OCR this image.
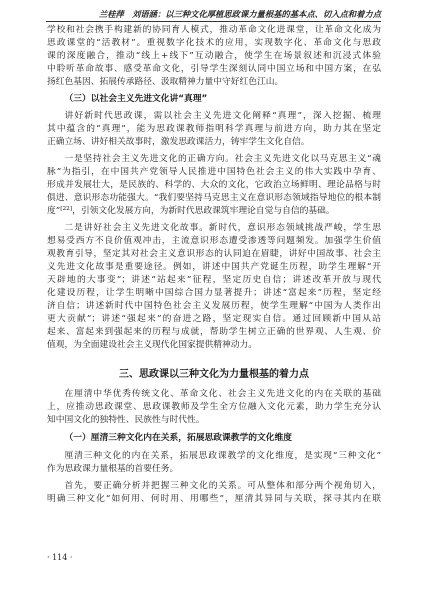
兰桂萍　刘语涵：以三种文化厚植思政课力量根基的基本点、切入点和着力点
学校和社会携手构建新的协同育人模式，推动革命文化进课堂，让革命文化成为
思政课堂的“活教材”。重视数字化技术的应用，实现数字化、革命文化与思政
课的深度融合，推动“线上+线下”互动融合，使学生在场景叙述和沉浸式体验
中聆听革命故事、感受革命文化，引导学生深刻认同中国立场和中国方案，在弘
扬红色基因、拓展传承路径、汲取精神力量中守好红色江山。
（三）以社会主义先进文化讲“真理”
讲好新时代思政课，需以社会主义先进文化阐释“真理”，深入挖掘、梳理
其中蕴含的“真理”，能为思政课教师指明科学真理与前进方向，助力其在坚定
正确立场、讲好相关故事时，激发思政课活力，铸牢学生文化自信。
一是坚持社会主义先进文化的正确方向。社会主义先进文化以马克思主义“魂
脉”为指引，在中国共产党领导人民推进中国特色社会主义的伟大实践中孕育、
形成并发展壮大，是民族的、科学的、大众的文化，它政治立场鲜明、理论品格与时
俱进、意识形态功能强大。“我们要坚持马克思主义在意识形态领域指导地位的根本制
度”[22]，引领文化发展方向，为新时代思政课筑牢理论自觉与自信的基础。
二是讲好社会主义先进文化故事。新时代，意识形态领域挑战严峻，学生思
想易受西方不良价值观冲击，主流意识形态遭受渗透等问题频发。加强学生价值
观教育引导，坚定其对社会主义意识形态的认同迫在眉睫，讲好中国故事、社会主
义先进文化故事是重要途径。例如，讲述中国共产党诞生历程，助学生理解“开
天辟地的大事变”；讲述“站起来”征程，坚定历史自信；讲述改革开放与现代
化建设历程，让学生明晰中国综合国力显著提升；讲述“富起来”历程，坚定经
济自信；讲述新时代中国特色社会主义发展历程，使学生理解“中国为人类作出
更大贡献”；讲述“强起来”的奋进之路，坚定现实自信。通过回顾新中国从站
起来、富起来到强起来的历程与成就，帮助学生树立正确的世界观、人生观、价
值观，为全面建设社会主义现代化国家提供精神动力。
三、思政课以三种文化为力量根基的着力点
在厘清中华优秀传统文化、革命文化、社会主义先进文化的内在关联的基础
上，应推动思政课堂、思政课教师及学生全方位融入文化元素，助力学生充分认
知中国文化的独特性、民族性与时代性。
（一）厘清三种文化内在关系，拓展思政课教学的文化维度
厘清三种文化的内在关系，拓展思政课教学的文化维度，是实现“三种文化”
作为思政课力量根基的首要任务。
首先，要正确分析并把握三种文化的关系。可从整体和部分两个视角切入，
明确三种文化“如何用、何时用、用哪些”，厘清其异同与关联，探寻其内在联
· 114 ·
